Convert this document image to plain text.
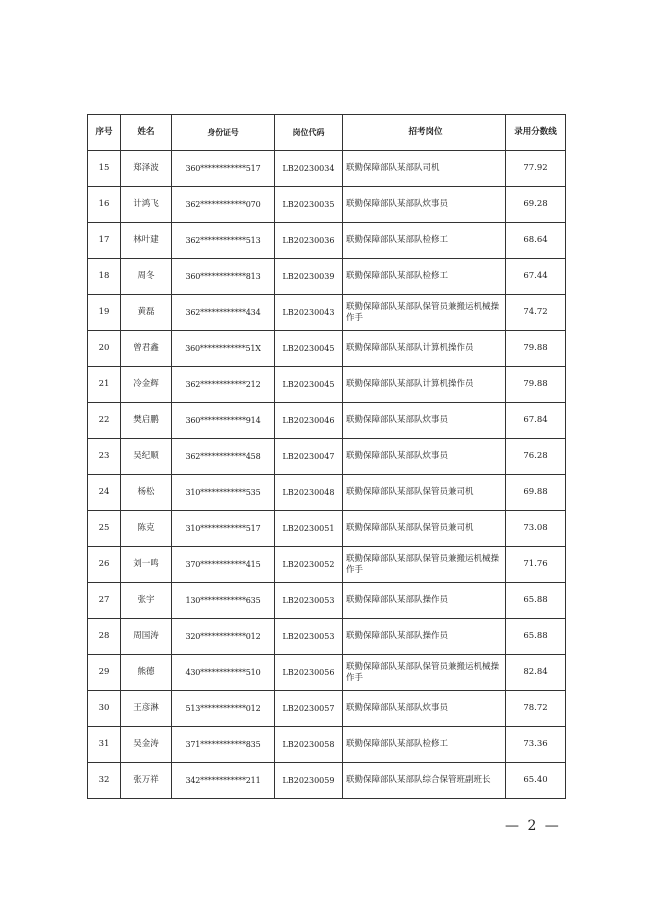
序号	姓名	身份证号	岗位代码	招考岗位	录用分数线
15	郑泽波	360************517	LB20230034	联勤保障部队某部队司机	77.92
16	计鸿飞	362************070	LB20230035	联勤保障部队某部队炊事员	69.28
17	林叶建	362************513	LB20230036	联勤保障部队某部队检修工	68.64
18	周冬	360************813	LB20230039	联勤保障部队某部队检修工	67.44
19	黄磊	362************434	LB20230043	联勤保障部队某部队保管员兼搬运机械操作手	74.72
20	曾君鑫	360************51X	LB20230045	联勤保障部队某部队计算机操作员	79.88
21	冷金辉	362************212	LB20230045	联勤保障部队某部队计算机操作员	79.88
22	樊启鹏	360************914	LB20230046	联勤保障部队某部队炊事员	67.84
23	吴纪顺	362************458	LB20230047	联勤保障部队某部队炊事员	76.28
24	杨松	310************535	LB20230048	联勤保障部队某部队保管员兼司机	69.88
25	陈克	310************517	LB20230051	联勤保障部队某部队保管员兼司机	73.08
26	刘一鸣	370************415	LB20230052	联勤保障部队某部队保管员兼搬运机械操作手	71.76
27	张宇	130************635	LB20230053	联勤保障部队某部队操作员	65.88
28	周国涛	320************012	LB20230053	联勤保障部队某部队操作员	65.88
29	熊德	430************510	LB20230056	联勤保障部队某部队保管员兼搬运机械操作手	82.84
30	王彦淋	513************012	LB20230057	联勤保障部队某部队炊事员	78.72
31	吴金涛	371************835	LB20230058	联勤保障部队某部队检修工	73.36
32	张万祥	342************211	LB20230059	联勤保障部队某部队综合保管班副班长	65.40
— 2 —
